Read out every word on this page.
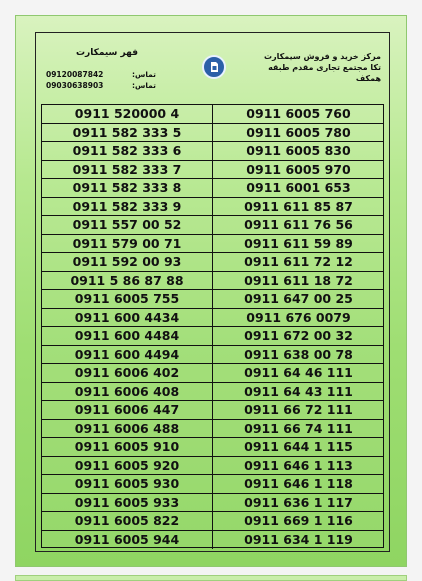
فهر سیمکارت
09120087842	تماس:
09030638903	تماس:
مرکز خرید و فروش سیمکارت
تکا مجتمع تجاری مقدم طبقه همکف
0911 520000 4	0911 6005 760
0911 582 333 5	0911 6005 780
0911 582 333 6	0911 6005 830
0911 582 333 7	0911 6005 970
0911 582 333 8	0911 6001 653
0911 582 333 9	0911 611 85 87
0911 557 00 52	0911 611 76 56
0911 579 00 71	0911 611 59 89
0911 592 00 93	0911 611 72 12
0911 5 86 87 88	0911 611 18 72
0911 6005 755	0911 647 00 25
0911 600 4434	0911 676 0079
0911 600 4484	0911 672 00 32
0911 600 4494	0911 638 00 78
0911 6006 402	0911 64 46 111
0911 6006 408	0911 64 43 111
0911 6006 447	0911 66 72 111
0911 6006 488	0911 66 74 111
0911 6005 910	0911 644 1 115
0911 6005 920	0911 646 1 113
0911 6005 930	0911 646 1 118
0911 6005 933	0911 636 1 117
0911 6005 822	0911 669 1 116
0911 6005 944	0911 634 1 119
